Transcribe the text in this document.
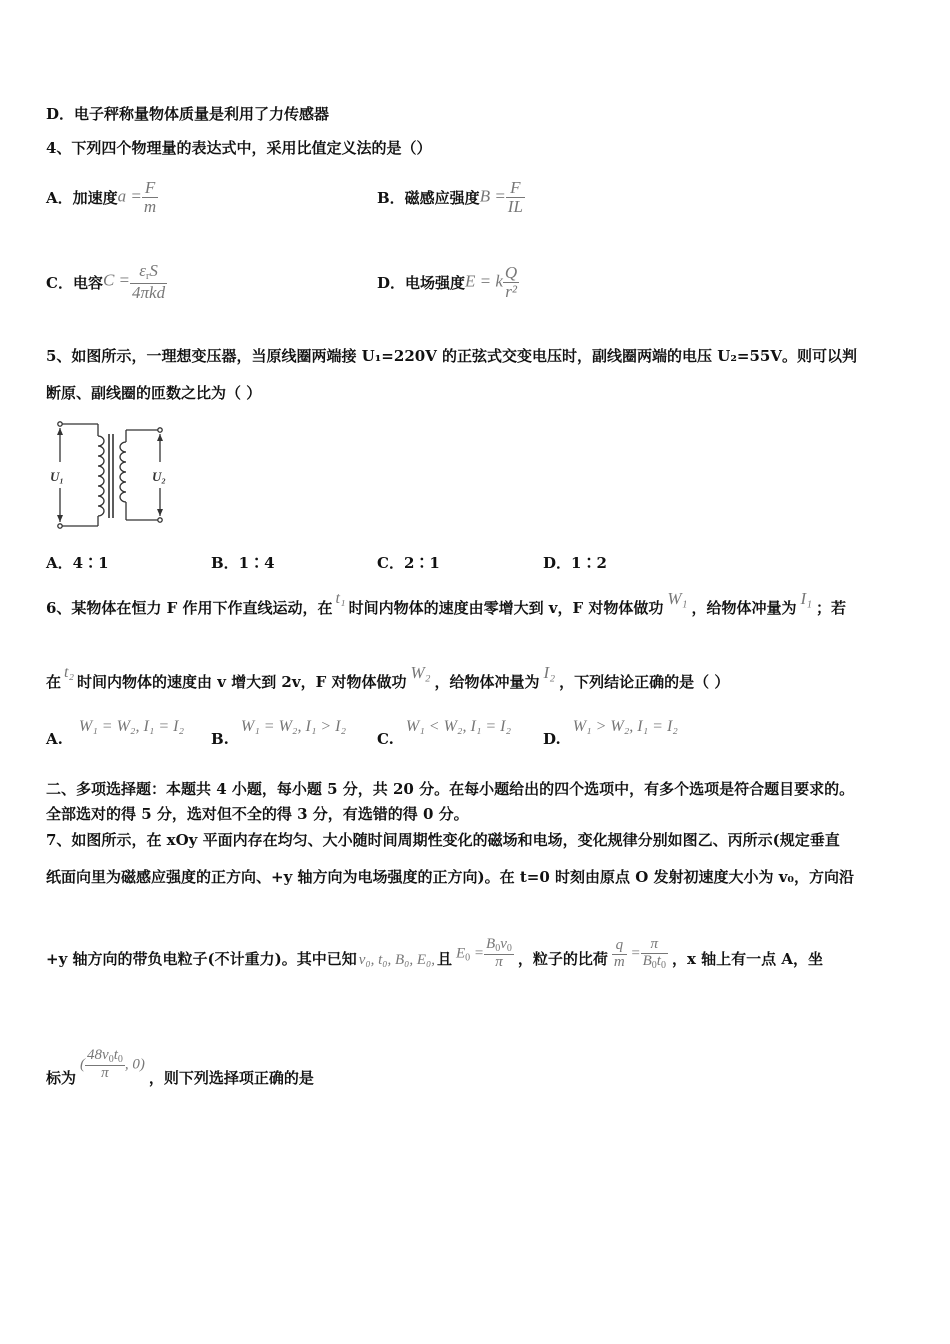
D．电子秤称量物体质量是利用了力传感器
4、下列四个物理量的表达式中，采用比值定义法的是（）
A．加速度 $a = \frac{F}{m}$	B．磁感应强度 $B = \frac{F}{IL}$
C．电容 $C = \frac{\varepsilon_rS}{\text{4πkd}}$	D．电场强度 E = k $\frac{Q}{\text{r²}}$
5、如图所示，一理想变压器，当原线圈两端接 U₁=220V 的正弦式交变电压时，副线圈两端的电压 U₂=55V。则可以判
断原、副线圈的匝数之比为（ ）
U₁	U₂
A．4∶1	B．1∶4	C．2∶1	D．1∶2
6、某物体在恒力 F 作用下作直线运动，在 t₁ 时间内物体的速度由零增大到 v，F 对物体做功 W₁ ，给物体冲量为 I₁ ；若
在 t₂ 时间内物体的速度由 v 增大到 2v，F 对物体做功 W₂ ，给物体冲量为 I₂ ，下列结论正确的是（ ）
A.
W₁ = W₂, I₁ = I₂
B.
W₁ = W₂, I₁ > I₂
C.
W₁ < W₂, I₁ = I₂
D.
W₁ > W₂, I₁ = I₂
二、多项选择题：本题共 4 小题，每小题 5 分，共 20 分。在每小题给出的四个选项中，有多个选项是符合题目要求的。
全部选对的得 5 分，选对但不全的得 3 分，有选错的得 0 分。
7、如图所示，在 xOy 平面内存在均匀、大小随时间周期性变化的磁场和电场，变化规律分别如图乙、丙所示(规定垂直
纸面向里为磁感应强度的正方向、+y 轴方向为电场强度的正方向)。在 t=0 时刻由原点 O 发射初速度大小为 v₀，方向沿
+y 轴方向的带负电粒子(不计重力)。其中已知 v₀, t₀, B₀, E₀, 且 $E_0 = \frac{B_0v_0}{\pi}$ ，粒子的比荷 $\frac{q}{m} = \frac{\pi}{B_0t_0}$ ，x 轴上有一点 A，坐
标为
( $\frac{48v_0t_0}{\pi}$ , 0)
，则下列选择项正确的是
